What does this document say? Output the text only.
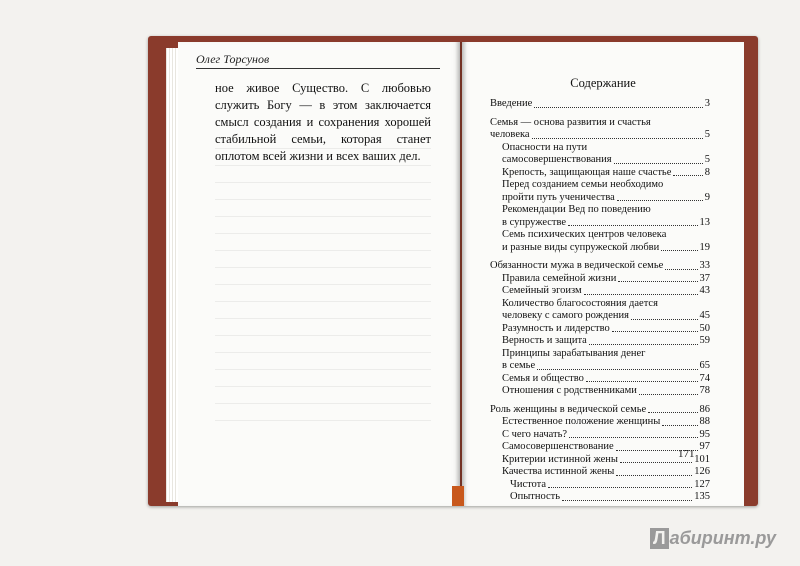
Олег Торсунов
ное живое Существо. С любовью служить Богу — в этом заключается смысл создания и сохранения хорошей стабильной семьи, которая станет оплотом всей жизни и всех ваших дел.
Содержание
Введение	3
Семья — основа развития и счастья
человека	5
Опасности на пути
самосовершенствования	5
Крепость, защищающая наше счастье	8
Перед созданием семьи необходимо
пройти путь ученичества	9
Рекомендации Вед по поведению
в супружестве	13
Семь психических центров человека
и разные виды супружеской любви	19
Обязанности мужа в ведической семье	33
Правила семейной жизни	37
Семейный эгоизм	43
Количество благосостояния дается
человеку с самого рождения	45
Разумность и лидерство	50
Верность и защита	59
Принципы зарабатывания денег
в семье	65
Семья и общество	74
Отношения с родственниками	78
Роль женщины в ведической семье	86
Естественное положение женщины	88
С чего начать?	95
Самосовершенствование	97
Критерии истинной жены	101
Качества истинной жены	126
Чистота	127
Опытность	135
171
Л абиринт.ру
